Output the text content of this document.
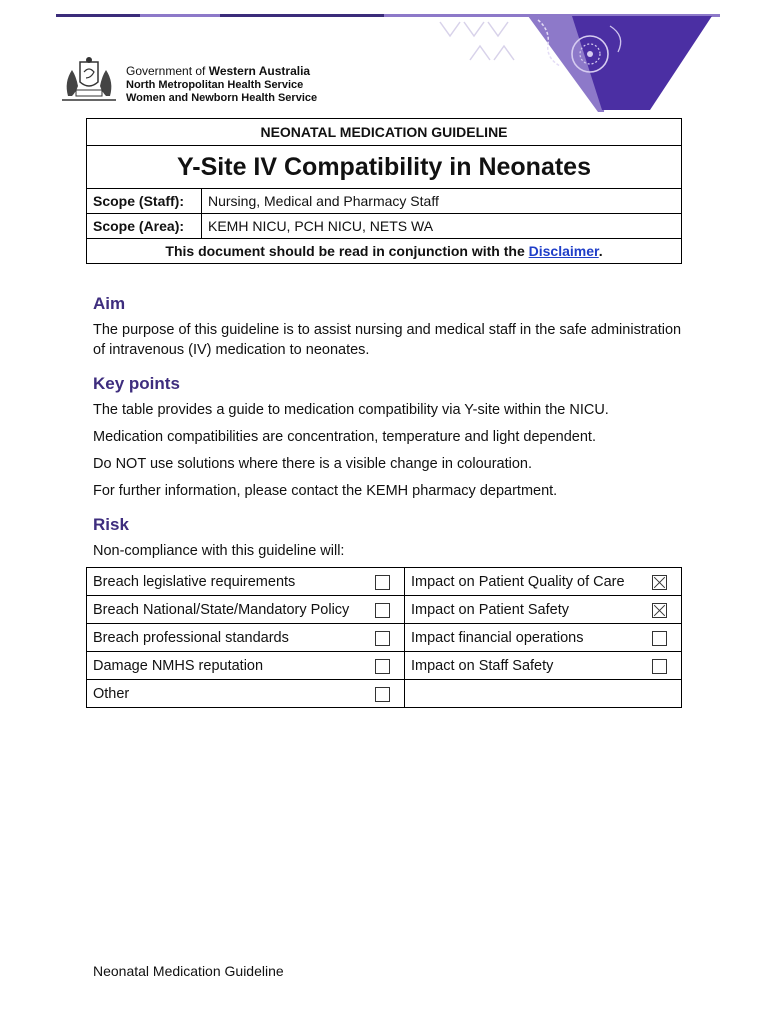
Government of Western Australia
North Metropolitan Health Service
Women and Newborn Health Service
NEONATAL MEDICATION GUIDELINE	
Y-Site IV Compatibility in Neonates	
Scope (Staff):	Nursing, Medical and Pharmacy Staff
Scope (Area):	KEMH NICU, PCH NICU, NETS WA
This document should be read in conjunction with the Disclaimer.	
Aim
The purpose of this guideline is to assist nursing and medical staff in the safe administration of intravenous (IV) medication to neonates.
Key points
The table provides a guide to medication compatibility via Y-site within the NICU.
Medication compatibilities are concentration, temperature and light dependent.
Do NOT use solutions where there is a visible change in colouration.
For further information, please contact the KEMH pharmacy department.
Risk
Non-compliance with this guideline will:
Breach legislative requirements	Impact on Patient Quality of Care

Breach National/State/Mandatory Policy	Impact on Patient Safety

Breach professional standards	Impact financial operations

Damage NMHS reputation	Impact on Staff Safety

Other

Neonatal Medication Guideline
